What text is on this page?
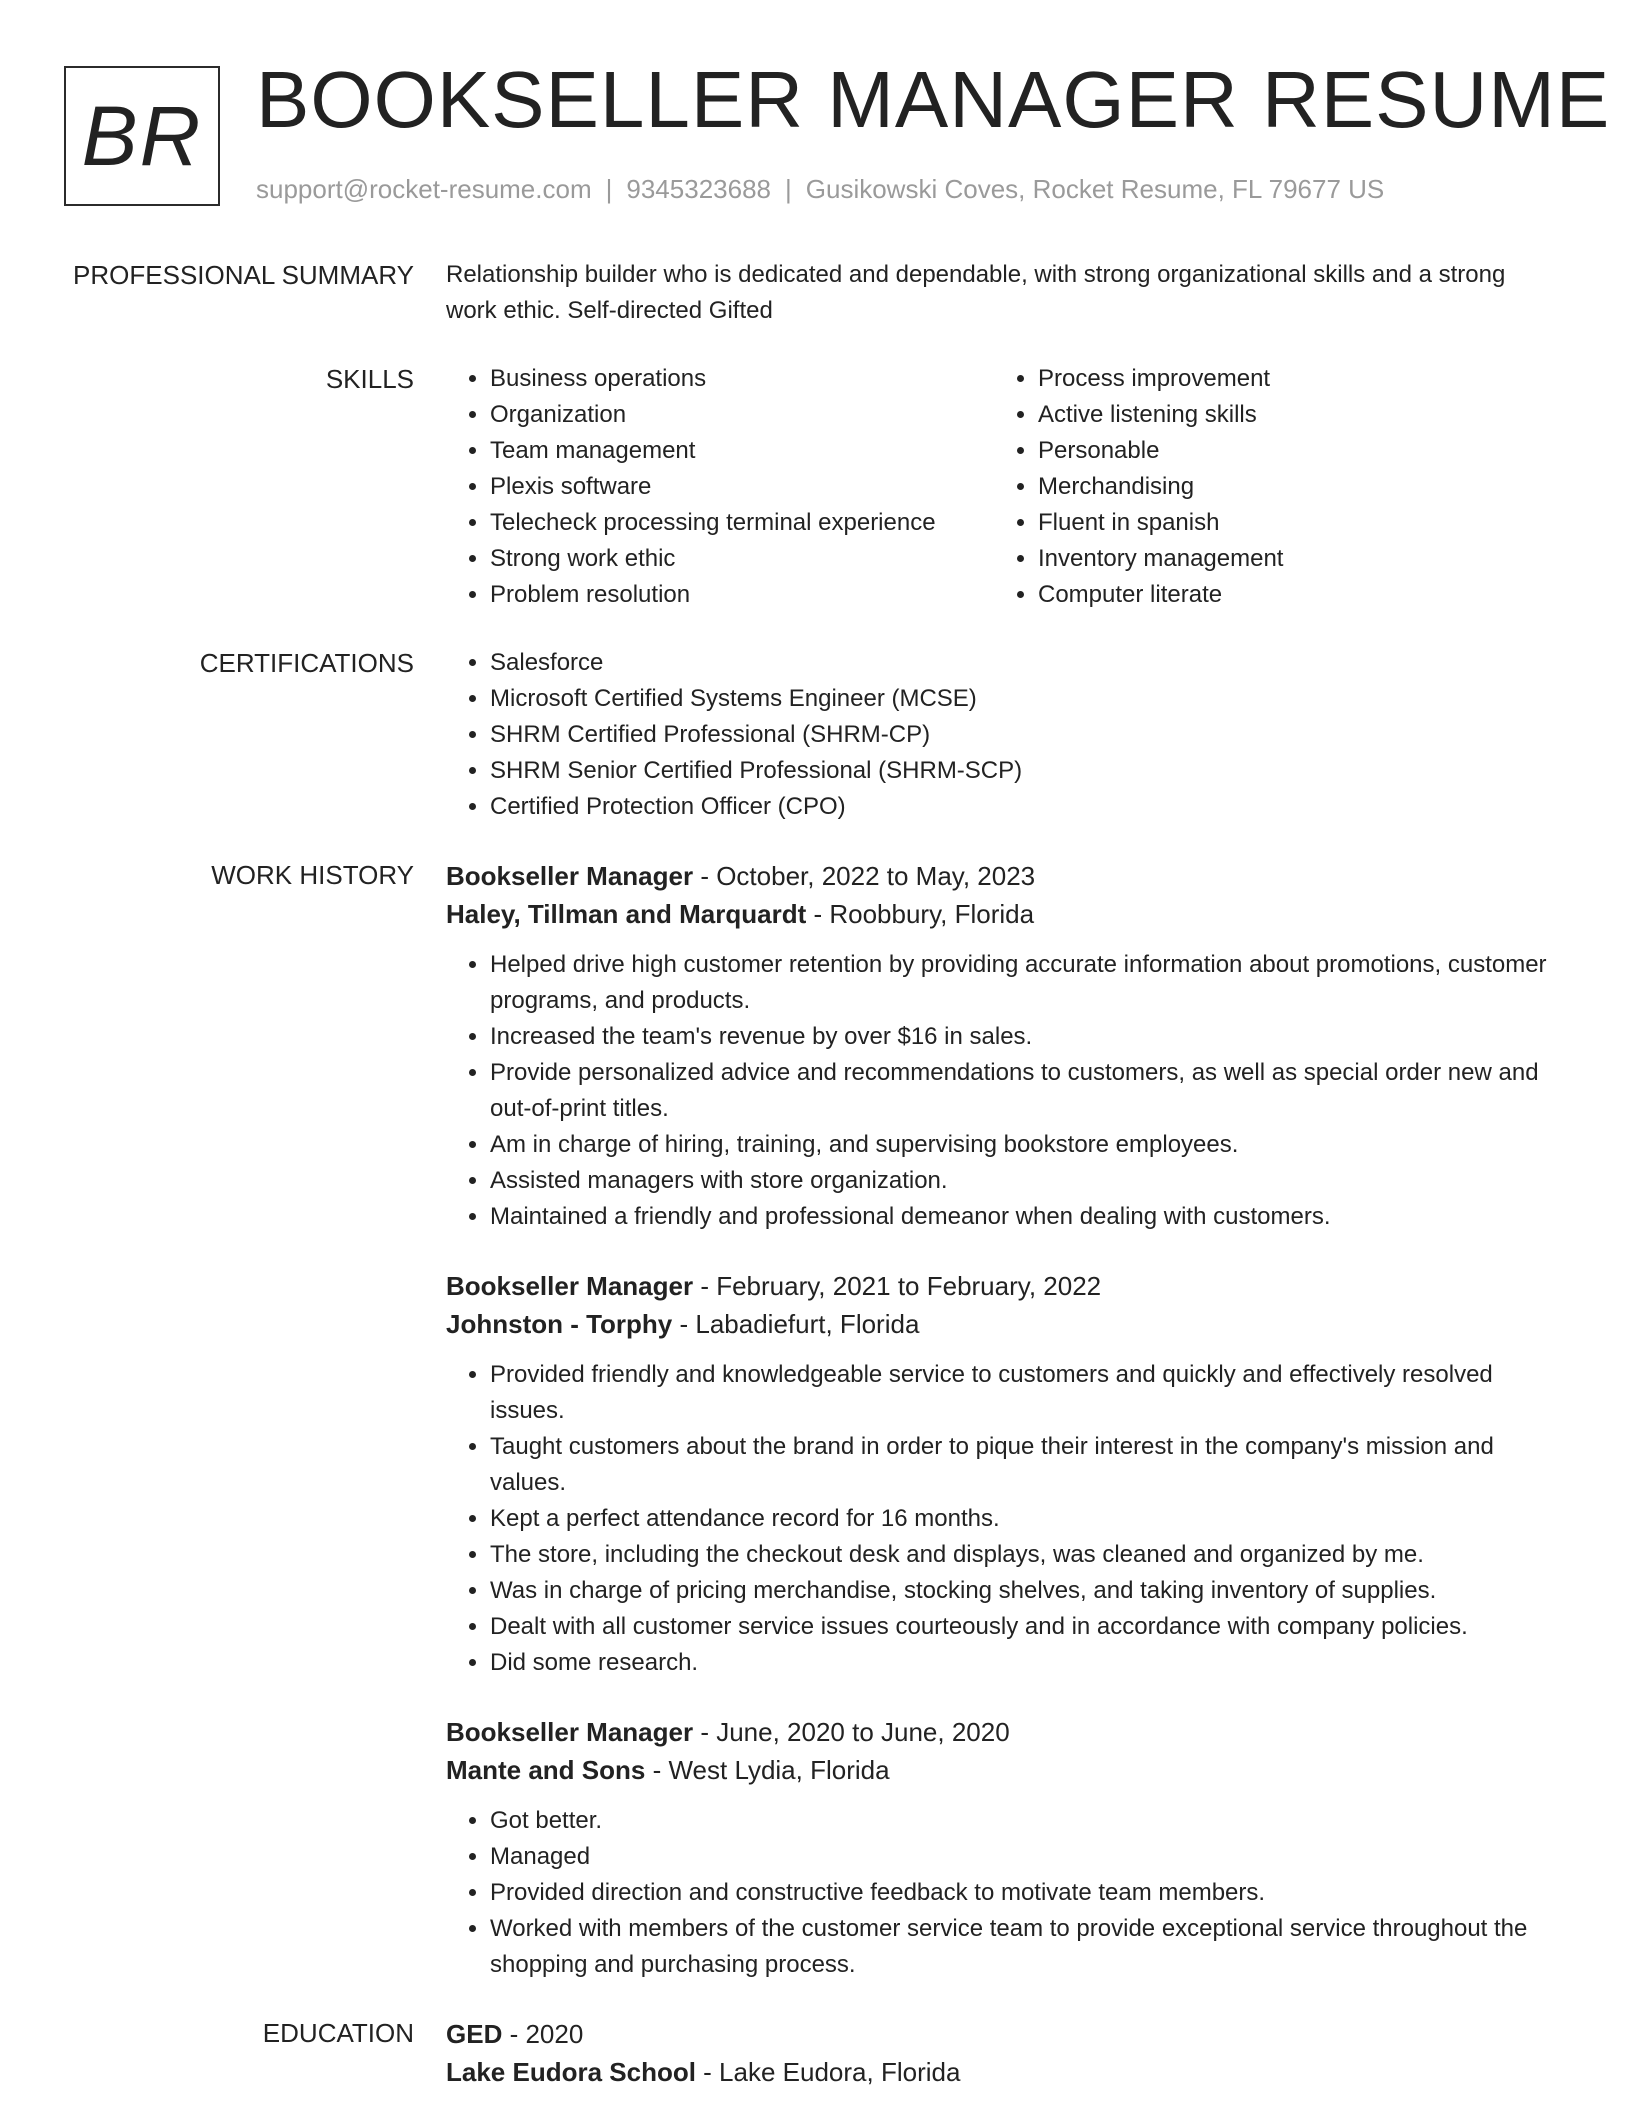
BR BOOKSELLER MANAGER RESUME
support@rocket-resume.com | 9345323688 | Gusikowski Coves, Rocket Resume, FL 79677 US
PROFESSIONAL SUMMARY Relationship builder who is dedicated and dependable, with strong organizational skills and a strong work ethic. Self-directed Gifted

SKILLS	• Business operations
• Organization
• Team management
• Plexis software
• Telecheck processing terminal experience
• Strong work ethic
• Problem resolution
• Process improvement
• Active listening skills
• Personable
• Merchandising
• Fluent in spanish
• Inventory management
• Computer literate
CERTIFICATIONS	• Salesforce
• Microsoft Certified Systems Engineer (MCSE)
• SHRM Certified Professional (SHRM-CP)
• SHRM Senior Certified Professional (SHRM-SCP)
• Certified Protection Officer (CPO)
WORK HISTORY Bookseller Manager - October, 2022 to May, 2023
Haley, Tillman and Marquardt - Roobbury, Florida
• Helped drive high customer retention by providing accurate information about promotions, customer programs, and products.
• Increased the team's revenue by over $16 in sales.
• Provide personalized advice and recommendations to customers, as well as special order new and out-of-print titles.
• Am in charge of hiring, training, and supervising bookstore employees.
• Assisted managers with store organization.
• Maintained a friendly and professional demeanor when dealing with customers.
Bookseller Manager - February, 2021 to February, 2022
Johnston - Torphy - Labadiefurt, Florida
• Provided friendly and knowledgeable service to customers and quickly and effectively resolved issues.
• Taught customers about the brand in order to pique their interest in the company's mission and values.
• Kept a perfect attendance record for 16 months.
• The store, including the checkout desk and displays, was cleaned and organized by me.
• Was in charge of pricing merchandise, stocking shelves, and taking inventory of supplies.
• Dealt with all customer service issues courteously and in accordance with company policies.
• Did some research.
Bookseller Manager - June, 2020 to June, 2020
Mante and Sons - West Lydia, Florida
• Got better.
• Managed
• Provided direction and constructive feedback to motivate team members.
• Worked with members of the customer service team to provide exceptional service throughout the shopping and purchasing process.
EDUCATION GED - 2020
Lake Eudora School - Lake Eudora, Florida
